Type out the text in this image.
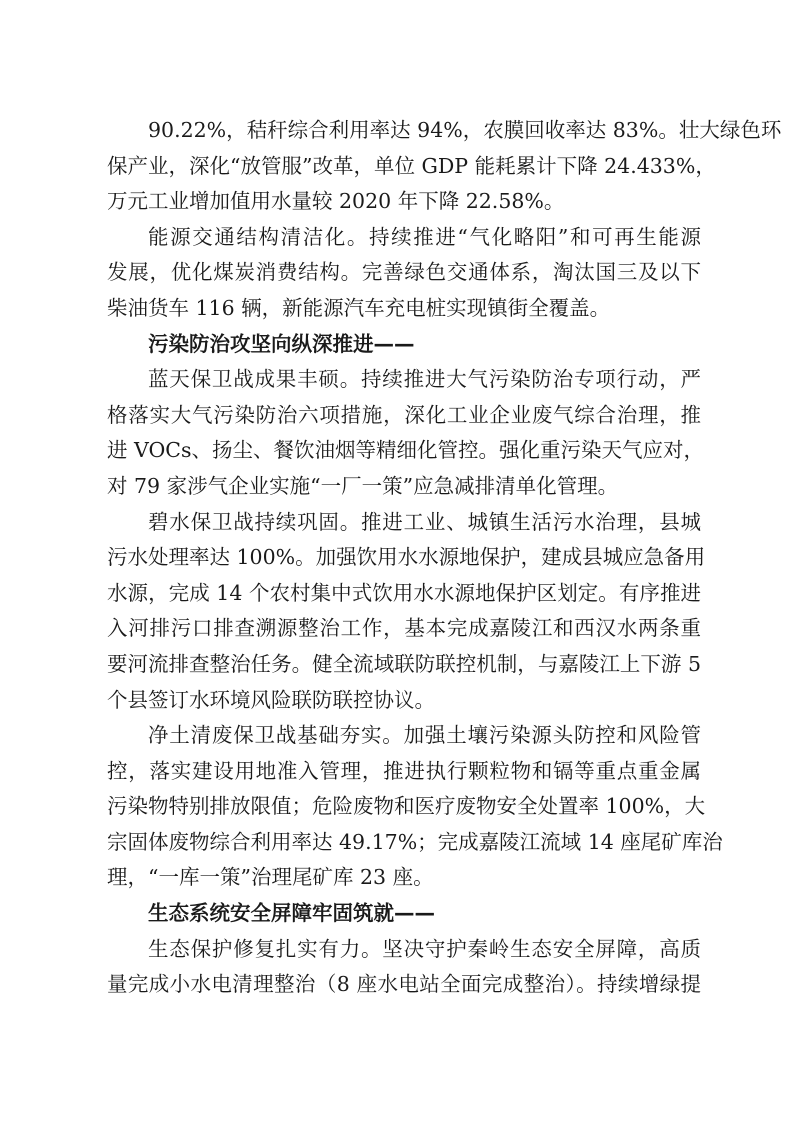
90.22%，秸秆综合利用率达 94%，农膜回收率达 83%。壮大绿色环
保产业，深化“放管服”改革，单位 GDP 能耗累计下降 24.433%，
万元工业增加值用水量较 2020 年下降 22.58%。
能源交通结构清洁化。持续推进“气化略阳”和可再生能源
发展，优化煤炭消费结构。完善绿色交通体系，淘汰国三及以下
柴油货车 116 辆，新能源汽车充电桩实现镇街全覆盖。
污染防治攻坚向纵深推进——
蓝天保卫战成果丰硕。持续推进大气污染防治专项行动，严
格落实大气污染防治六项措施，深化工业企业废气综合治理，推
进 VOCs、扬尘、餐饮油烟等精细化管控。强化重污染天气应对，
对 79 家涉气企业实施“一厂一策”应急减排清单化管理。
碧水保卫战持续巩固。推进工业、城镇生活污水治理，县城
污水处理率达 100%。加强饮用水水源地保护，建成县城应急备用
水源，完成 14 个农村集中式饮用水水源地保护区划定。有序推进
入河排污口排查溯源整治工作，基本完成嘉陵江和西汉水两条重
要河流排查整治任务。健全流域联防联控机制，与嘉陵江上下游 5
个县签订水环境风险联防联控协议。
净土清废保卫战基础夯实。加强土壤污染源头防控和风险管
控，落实建设用地准入管理，推进执行颗粒物和镉等重点重金属
污染物特别排放限值；危险废物和医疗废物安全处置率 100%，大
宗固体废物综合利用率达 49.17%；完成嘉陵江流域 14 座尾矿库治
理，“一库一策”治理尾矿库 23 座。
生态系统安全屏障牢固筑就——
生态保护修复扎实有力。坚决守护秦岭生态安全屏障，高质
量完成小水电清理整治（8 座水电站全面完成整治）。持续增绿提
